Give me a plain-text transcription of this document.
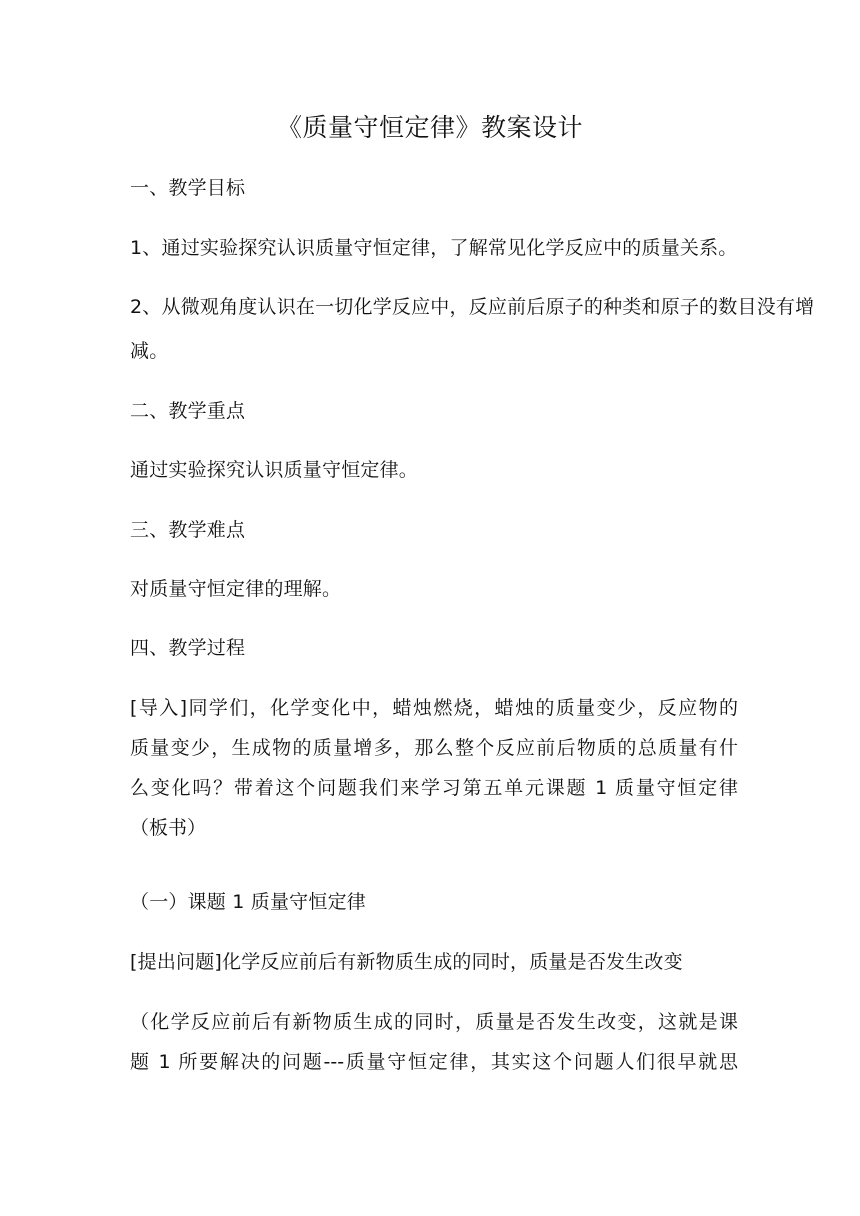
《质量守恒定律》教案设计
一、教学目标
1、通过实验探究认识质量守恒定律，了解常见化学反应中的质量关系。
2、从微观角度认识在一切化学反应中，反应前后原子的种类和原子的数目没有增
减。
二、教学重点
通过实验探究认识质量守恒定律。
三、教学难点
对质量守恒定律的理解。
四、教学过程
[导入]同学们，化学变化中，蜡烛燃烧，蜡烛的质量变少，反应物的
质量变少，生成物的质量增多，那么整个反应前后物质的总质量有什
么变化吗？带着这个问题我们来学习第五单元课题 1 质量守恒定律
（板书）
（一）课题 1 质量守恒定律
[提出问题]化学反应前后有新物质生成的同时，质量是否发生改变
（化学反应前后有新物质生成的同时，质量是否发生改变，这就是课
题 1 所要解决的问题---质量守恒定律，其实这个问题人们很早就思
